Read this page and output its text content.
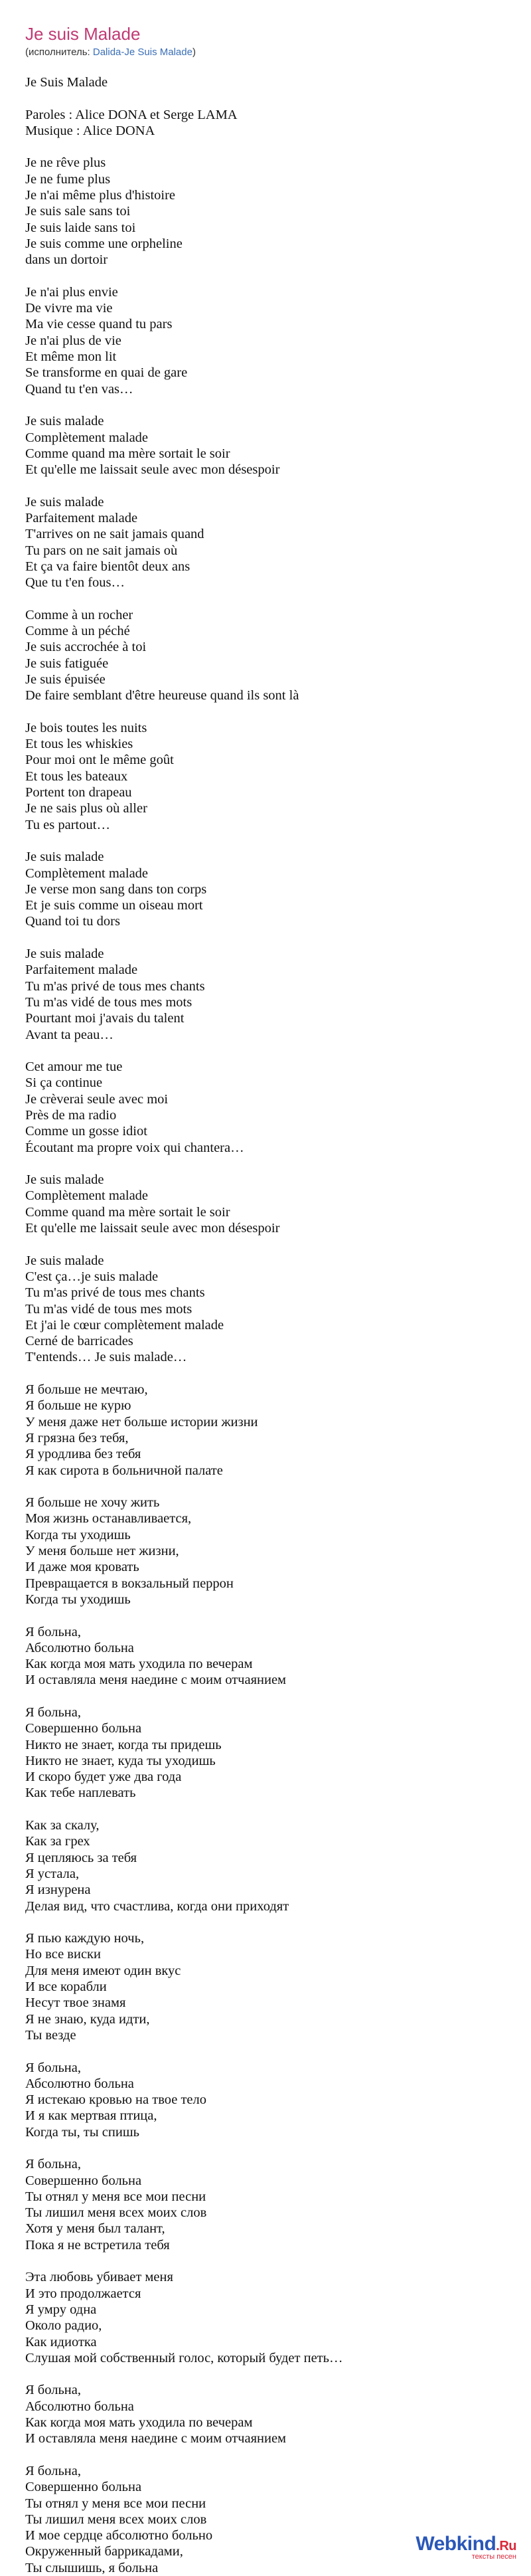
Je suis Malade
(исполнитель: Dalida-Je Suis Malade)
Je Suis Malade
Paroles : Alice DONA et Serge LAMA
Musique : Alice DONA
Je ne rêve plus
Je ne fume plus
Je n'ai même plus d'histoire
Je suis sale sans toi
Je suis laide sans toi
Je suis comme une orpheline
dans un dortoir
Je n'ai plus envie
De vivre ma vie
Ma vie cesse quand tu pars
Je n'ai plus de vie
Et même mon lit
Se transforme en quai de gare
Quand tu t'en vas…
Je suis malade
Complètement malade
Comme quand ma mère sortait le soir
Et qu'elle me laissait seule avec mon désespoir
Je suis malade
Parfaitement malade
T'arrives on ne sait jamais quand
Tu pars on ne sait jamais où
Et ça va faire bientôt deux ans
Que tu t'en fous…
Comme à un rocher
Comme à un péché
Je suis accrochée à toi
Je suis fatiguée
Je suis épuisée
De faire semblant d'être heureuse quand ils sont là
Je bois toutes les nuits
Et tous les whiskies
Pour moi ont le même goût
Et tous les bateaux
Portent ton drapeau
Je ne sais plus où aller
Tu es partout…
Je suis malade
Complètement malade
Je verse mon sang dans ton corps
Et je suis comme un oiseau mort
Quand toi tu dors
Je suis malade
Parfaitement malade
Tu m'as privé de tous mes chants
Tu m'as vidé de tous mes mots
Pourtant moi j'avais du talent
Avant ta peau…
Cet amour me tue
Si ça continue
Je crèverai seule avec moi
Près de ma radio
Comme un gosse idiot
Écoutant ma propre voix qui chantera…
Je suis malade
Complètement malade
Comme quand ma mère sortait le soir
Et qu'elle me laissait seule avec mon désespoir
Je suis malade
C'est ça…je suis malade
Tu m'as privé de tous mes chants
Tu m'as vidé de tous mes mots
Et j'ai le cœur complètement malade
Cerné de barricades
T'entends… Je suis malade…
Я больше не мечтаю,
Я больше не курю
У меня даже нет больше истории жизни
Я грязна без тебя,
Я уродлива без тебя
Я как сирота в больничной палате
Я больше не хочу жить
Моя жизнь останавливается,
Когда ты уходишь
У меня больше нет жизни,
И даже моя кровать
Превращается в вокзальный перрон
Когда ты уходишь
Я больна,
Абсолютно больна
Как когда моя мать уходила по вечерам
И оставляла меня наедине с моим отчаянием
Я больна,
Совершенно больна
Никто не знает, когда ты придешь
Никто не знает, куда ты уходишь
И скоро будет уже два года
Как тебе наплевать
Как за скалу,
Как за грех
Я цепляюсь за тебя
Я устала,
Я изнурена
Делая вид, что счастлива, когда они приходят
Я пью каждую ночь,
Но все виски
Для меня имеют один вкус
И все корабли
Несут твое знамя
Я не знаю, куда идти,
Ты везде
Я больна,
Абсолютно больна
Я истекаю кровью на твое тело
И я как мертвая птица,
Когда ты, ты спишь
Я больна,
Совершенно больна
Ты отнял у меня все мои песни
Ты лишил меня всех моих слов
Хотя у меня был талант,
Пока я не встретила тебя
Эта любовь убивает меня
И это продолжается
Я умру одна
Около радио,
Как идиотка
Слушая мой собственный голос, который будет петь…
Я больна,
Абсолютно больна
Как когда моя мать уходила по вечерам
И оставляла меня наедине с моим отчаянием
Я больна,
Совершенно больна
Ты отнял у меня все мои песни
Ты лишил меня всех моих слов
И мое сердце абсолютно больно
Окруженный баррикадами,
Ты слышишь, я больна
Webkind.Ru
тексты песен
